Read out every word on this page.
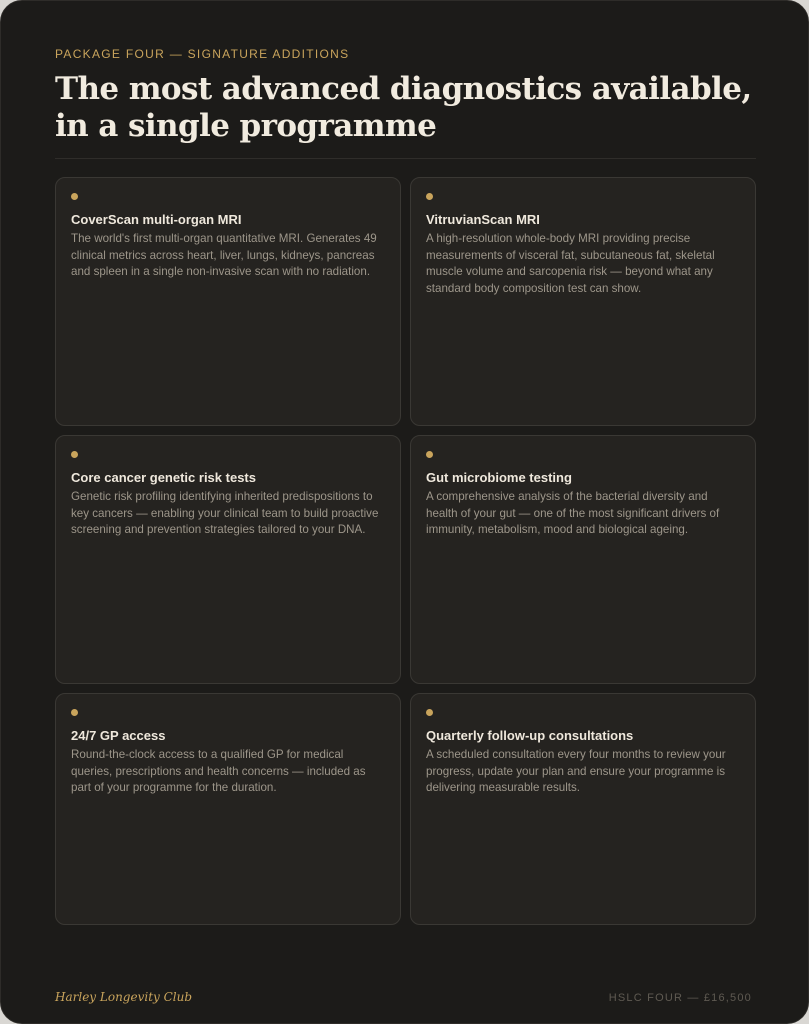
PACKAGE FOUR — SIGNATURE ADDITIONS
The most advanced diagnostics available, in a single programme
CoverScan multi-organ MRI

The world's first multi-organ quantitative MRI. Generates 49 clinical metrics across heart, liver, lungs, kidneys, pancreas and spleen in a single non-invasive scan with no radiation.

VitruvianScan MRI

A high-resolution whole-body MRI providing precise measurements of visceral fat, subcutaneous fat, skeletal muscle volume and sarcopenia risk — beyond what any standard body composition test can show.

Core cancer genetic risk tests

Genetic risk profiling identifying inherited predispositions to key cancers — enabling your clinical team to build proactive screening and prevention strategies tailored to your DNA.

Gut microbiome testing

A comprehensive analysis of the bacterial diversity and health of your gut — one of the most significant drivers of immunity, metabolism, mood and biological ageing.

24/7 GP access

Round-the-clock access to a qualified GP for medical queries, prescriptions and health concerns — included as part of your programme for the duration.

Quarterly follow-up consultations

A scheduled consultation every four months to review your progress, update your plan and ensure your programme is delivering measurable results.

Harley Longevity Club	HSLC FOUR — £16,500
